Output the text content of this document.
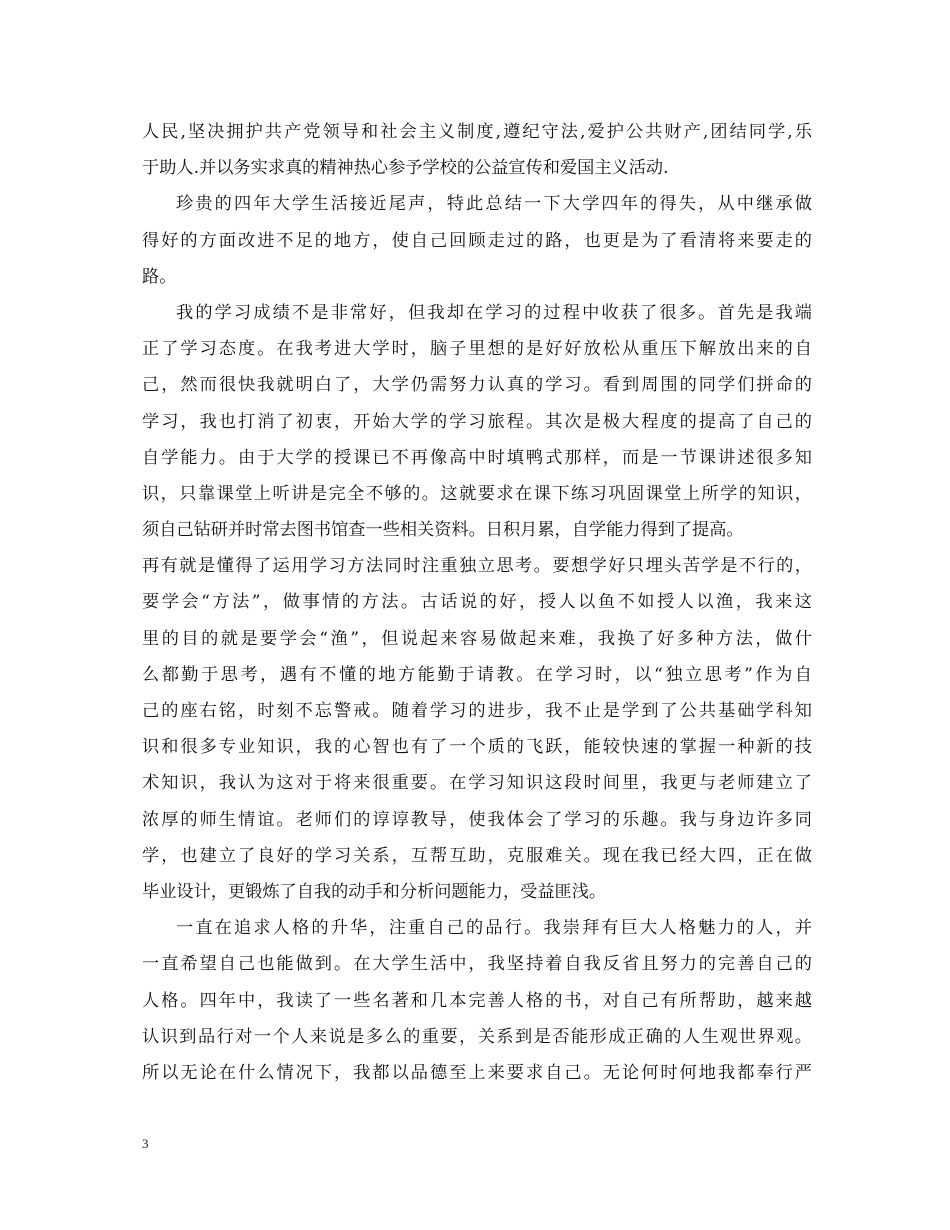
人民,坚决拥护共产党领导和社会主义制度,遵纪守法,爱护公共财产,团结同学,乐
于助人.并以务实求真的精神热心参予学校的公益宣传和爱国主义活动.
珍贵的四年大学生活接近尾声，特此总结一下大学四年的得失，从中继承做
得好的方面改进不足的地方，使自己回顾走过的路，也更是为了看清将来要走的
路。
我的学习成绩不是非常好，但我却在学习的过程中收获了很多。首先是我端
正了学习态度。在我考进大学时，脑子里想的是好好放松从重压下解放出来的自
己，然而很快我就明白了，大学仍需努力认真的学习。看到周围的同学们拼命的
学习，我也打消了初衷，开始大学的学习旅程。其次是极大程度的提高了自己的
自学能力。由于大学的授课已不再像高中时填鸭式那样，而是一节课讲述很多知
识，只靠课堂上听讲是完全不够的。这就要求在课下练习巩固课堂上所学的知识，
须自己钻研并时常去图书馆查一些相关资料。日积月累，自学能力得到了提高。
再有就是懂得了运用学习方法同时注重独立思考。要想学好只埋头苦学是不行的，
要学会“方法”，做事情的方法。古话说的好，授人以鱼不如授人以渔，我来这
里的目的就是要学会“渔”，但说起来容易做起来难，我换了好多种方法，做什
么都勤于思考，遇有不懂的地方能勤于请教。在学习时，以“独立思考”作为自
己的座右铭，时刻不忘警戒。随着学习的进步，我不止是学到了公共基础学科知
识和很多专业知识，我的心智也有了一个质的飞跃，能较快速的掌握一种新的技
术知识，我认为这对于将来很重要。在学习知识这段时间里，我更与老师建立了
浓厚的师生情谊。老师们的谆谆教导，使我体会了学习的乐趣。我与身边许多同
学，也建立了良好的学习关系，互帮互助，克服难关。现在我已经大四，正在做
毕业设计，更锻炼了自我的动手和分析问题能力，受益匪浅。
一直在追求人格的升华，注重自己的品行。我崇拜有巨大人格魅力的人，并
一直希望自己也能做到。在大学生活中，我坚持着自我反省且努力的完善自己的
人格。四年中，我读了一些名著和几本完善人格的书，对自己有所帮助，越来越
认识到品行对一个人来说是多么的重要，关系到是否能形成正确的人生观世界观。
所以无论在什么情况下，我都以品德至上来要求自己。无论何时何地我都奉行严
3
